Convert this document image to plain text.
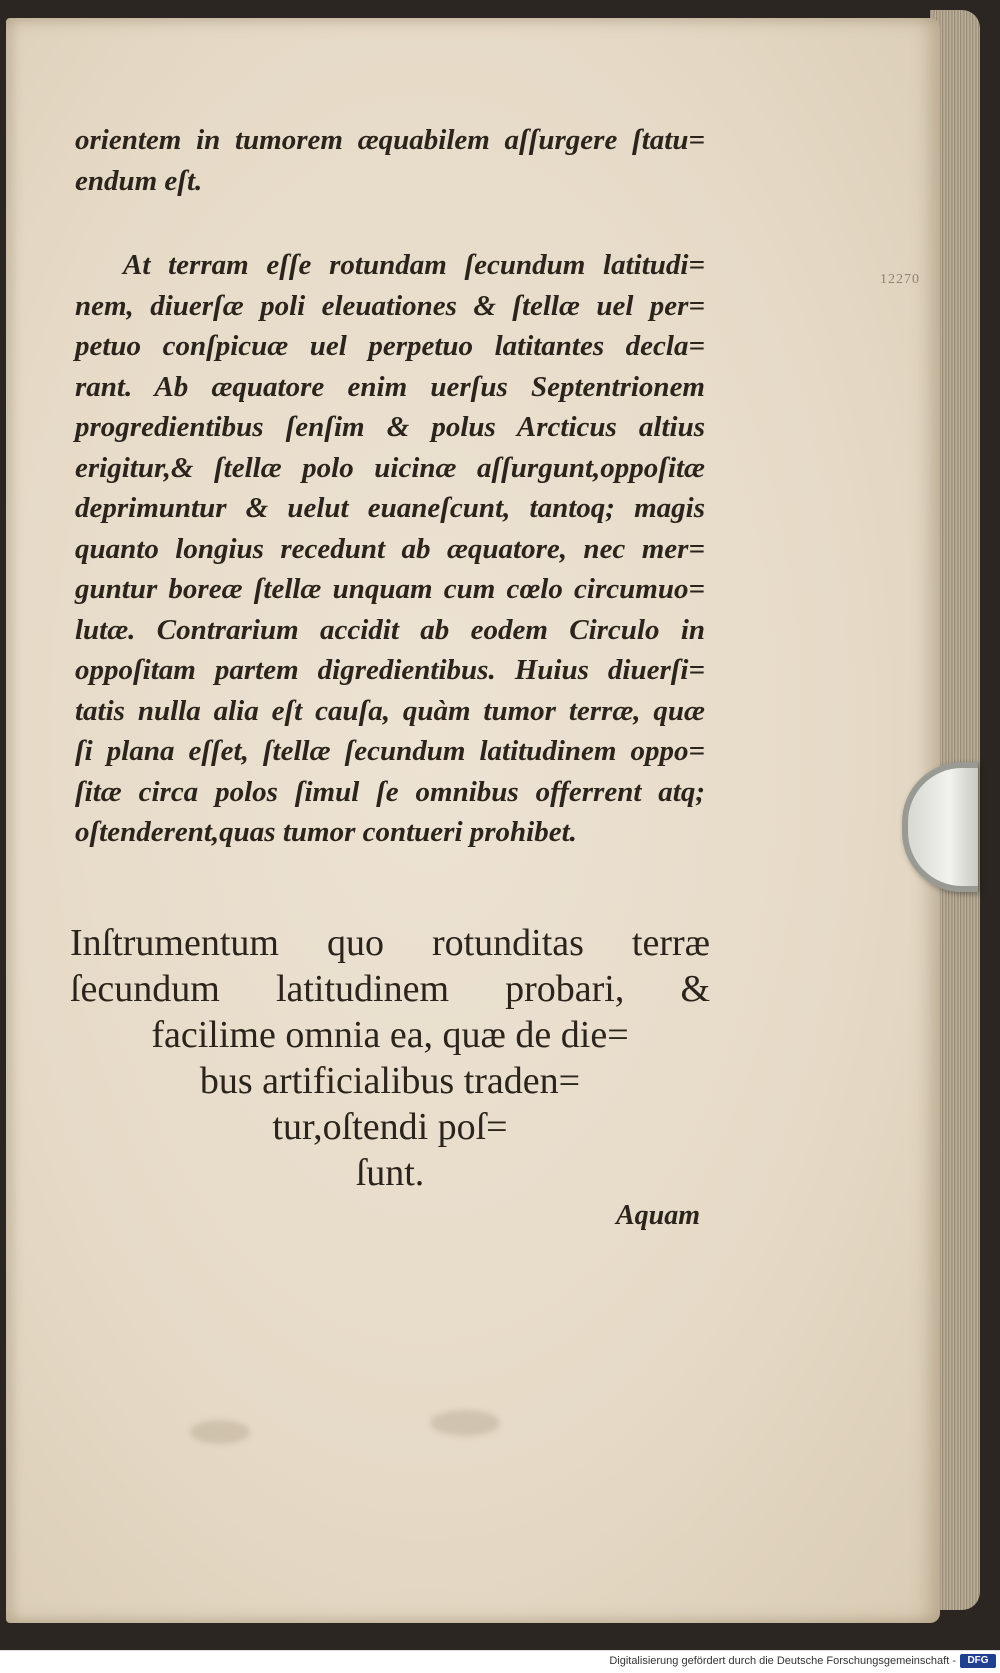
12270
orientem in tumorem æquabilem aſſurgere ſtatu=
endum eſt.
At terram eſſe rotundam ſecundum latitudi=
nem, diuerſæ poli eleuationes & ſtellæ uel per=
petuo conſpicuæ uel perpetuo latitantes decla=
rant. Ab æquatore enim uerſus Septentrionem
progredientibus ſenſim & polus Arcticus altius
erigitur,& ſtellæ polo uicinæ aſſurgunt,oppoſitæ
deprimuntur & uelut euaneſcunt, tantoq; magis
quanto longius recedunt ab æquatore, nec mer=
guntur boreæ ſtellæ unquam cum cœlo circumuo=
lutæ. Contrarium accidit ab eodem Circulo in
oppoſitam partem digredientibus. Huius diuerſi=
tatis nulla alia eſt cauſa, quàm tumor terræ, quæ
ſi plana eſſet, ſtellæ ſecundum latitudinem oppo=
ſitæ circa polos ſimul ſe omnibus offerrent atq;
oſtenderent,quas tumor contueri prohibet.
Inſtrumentum quo rotunditas terræ
ſecundum latitudinem probari, &
facilime omnia ea, quæ de die=
bus artificialibus traden=
tur,oſtendi poſ=
ſunt.
Aquam
Digitalisierung gefördert durch die Deutsche Forschungsgemeinschaft -	DFG
